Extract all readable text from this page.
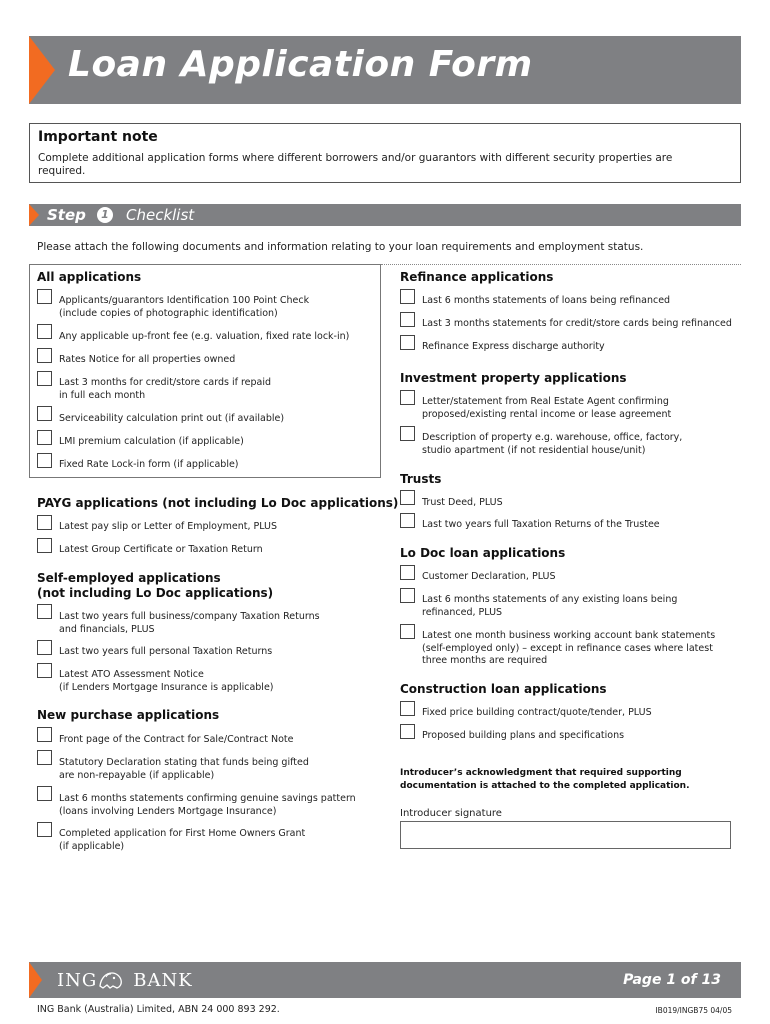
Loan Application Form
Important note
Complete additional application forms where different borrowers and/or guarantors with different security properties are required.
Step	1 Checklist
Please attach the following documents and information relating to your loan requirements and employment status.
All applications
Applicants/guarantors Identification 100 Point Check
(include copies of photographic identification)
Any applicable up-front fee (e.g. valuation, fixed rate lock-in)
Rates Notice for all properties owned
Last 3 months for credit/store cards if repaid
in full each month
Serviceability calculation print out (if available)
LMI premium calculation (if applicable)
Fixed Rate Lock-in form (if applicable)
PAYG applications (not including Lo Doc applications)
Latest pay slip or Letter of Employment, PLUS
Latest Group Certificate or Taxation Return
Self-employed applications
(not including Lo Doc applications)
Last two years full business/company Taxation Returns
and financials, PLUS
Last two years full personal Taxation Returns
Latest ATO Assessment Notice
(if Lenders Mortgage Insurance is applicable)
New purchase applications
Front page of the Contract for Sale/Contract Note
Statutory Declaration stating that funds being gifted
are non-repayable (if applicable)
Last 6 months statements confirming genuine savings pattern
(loans involving Lenders Mortgage Insurance)
Completed application for First Home Owners Grant
(if applicable)
Refinance applications
Last 6 months statements of loans being refinanced
Last 3 months statements for credit/store cards being refinanced
Refinance Express discharge authority
Investment property applications
Letter/statement from Real Estate Agent confirming
proposed/existing rental income or lease agreement
Description of property e.g. warehouse, office, factory,
studio apartment (if not residential house/unit)
Trusts
Trust Deed, PLUS
Last two years full Taxation Returns of the Trustee
Lo Doc loan applications
Customer Declaration, PLUS
Last 6 months statements of any existing loans being
refinanced, PLUS
Latest one month business working account bank statements
(self-employed only) – except in refinance cases where latest
three months are required
Construction loan applications
Fixed price building contract/quote/tender, PLUS
Proposed building plans and specifications
Introducer’s acknowledgment that required supporting documentation is attached to the completed application.
Introducer signature
ING BANK	Page 1 of 13
ING Bank (Australia) Limited, ABN 24 000 893 292.	IB019/INGB75 04/05
